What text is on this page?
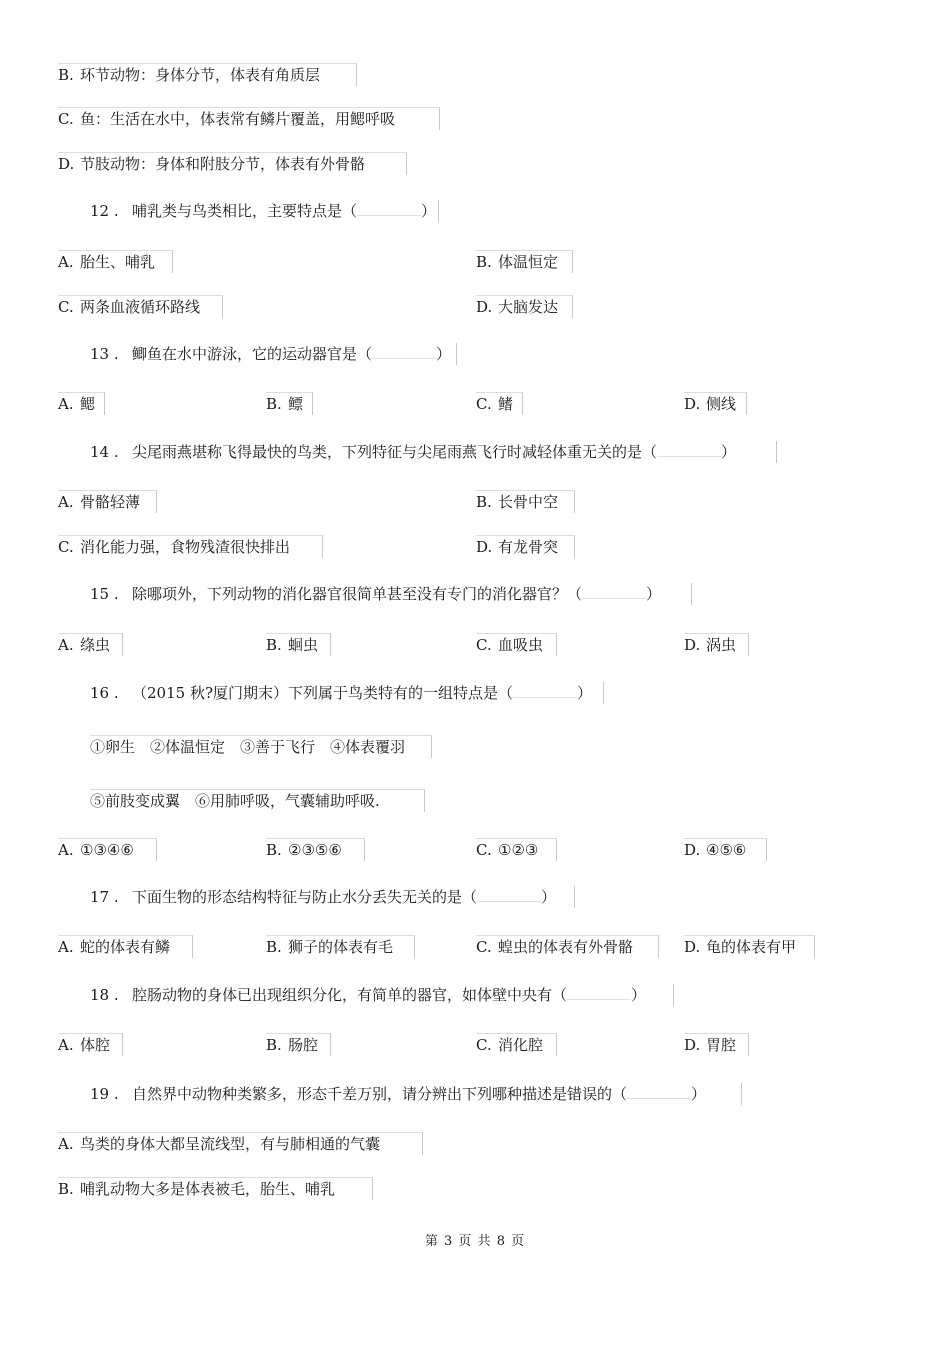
B. 环节动物：身体分节，体表有角质层
C. 鱼：生活在水中，体表常有鳞片覆盖，用鳃呼吸
D. 节肢动物：身体和附肢分节，体表有外骨骼
12 . 哺乳类与鸟类相比，主要特点是（	）
A. 胎生、哺乳	B. 体温恒定
C. 两条血液循环路线	D. 大脑发达
13 . 鲫鱼在水中游泳，它的运动器官是（	）
A. 鳃	B. 鳔	C. 鳍	D. 侧线
14 . 尖尾雨燕堪称飞得最快的鸟类，下列特征与尖尾雨燕飞行时减轻体重无关的是（	）
A. 骨骼轻薄	B. 长骨中空
C. 消化能力强，食物残渣很快排出	D. 有龙骨突
15 . 除哪项外，下列动物的消化器官很简单甚至没有专门的消化器官？（	）
A. 绦虫	B. 蛔虫	C. 血吸虫	D. 涡虫
16 . （2015 秋?厦门期末）下列属于鸟类特有的一组特点是（	）
①卵生　②体温恒定　③善于飞行　④体表覆羽
⑤前肢变成翼　⑥用肺呼吸，气囊辅助呼吸.
A. ①③④⑥	B. ②③⑤⑥	C. ①②③	D. ④⑤⑥
17 . 下面生物的形态结构特征与防止水分丢失无关的是（	）
A. 蛇的体表有鳞	B. 狮子的体表有毛	C. 蝗虫的体表有外骨骼	D. 龟的体表有甲
18 . 腔肠动物的身体已出现组织分化，有简单的器官，如体壁中央有（	）
A. 体腔	B. 肠腔	C. 消化腔	D. 胃腔
19 . 自然界中动物种类繁多，形态千差万别，请分辨出下列哪种描述是错误的（	）
A. 鸟类的身体大都呈流线型，有与肺相通的气囊
B. 哺乳动物大多是体表被毛，胎生、哺乳
第 3 页 共 8 页
